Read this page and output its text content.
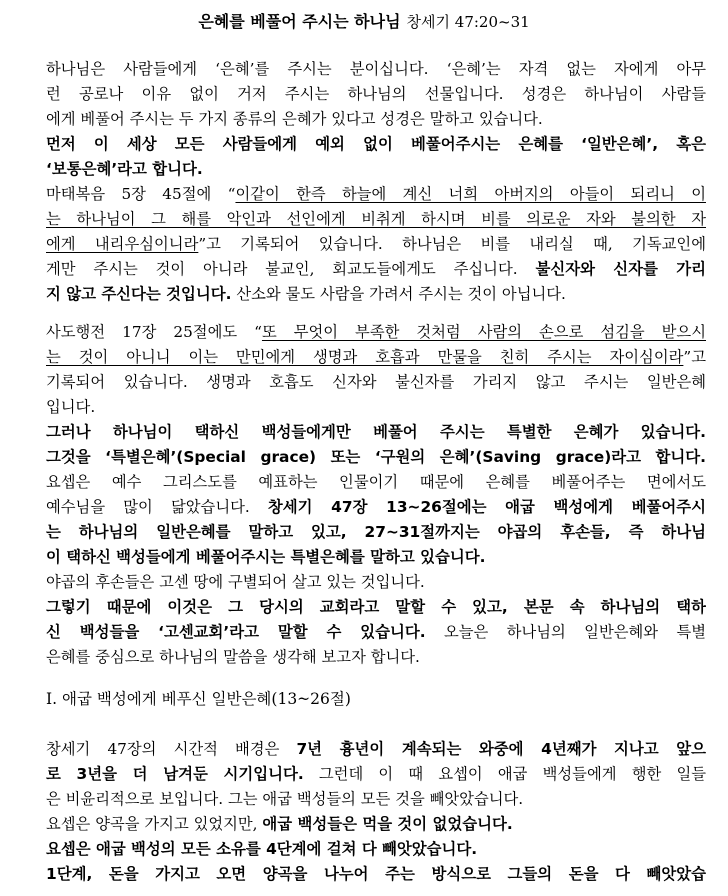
은혜를 베풀어 주시는 하나님 창세기 47:20~31
하나님은 사람들에게 ‘은혜’를 주시는 분이십니다. ‘은혜’는 자격 없는 자에게 아무
런 공로나 이유 없이 거저 주시는 하나님의 선물입니다. 성경은 하나님이 사람들
에게 베풀어 주시는 두 가지 종류의 은혜가 있다고 성경은 말하고 있습니다.
먼저 이 세상 모든 사람들에게 예외 없이 베풀어주시는 은혜를 ‘일반은혜’, 혹은
‘보통은혜’라고 합니다.
마태복음 5장 45절에 “이같이 한즉 하늘에 계신 너희 아버지의 아들이 되리니 이
는 하나님이 그 해를 악인과 선인에게 비취게 하시며 비를 의로운 자와 불의한 자
에게 내리우심이니라”고 기록되어 있습니다. 하나님은 비를 내리실 때, 기독교인에
게만 주시는 것이 아니라 불교인, 회교도들에게도 주십니다. 불신자와 신자를 가리
지 않고 주신다는 것입니다. 산소와 물도 사람을 가려서 주시는 것이 아닙니다.
사도행전 17장 25절에도 “또 무엇이 부족한 것처럼 사람의 손으로 섬김을 받으시
는 것이 아니니 이는 만민에게 생명과 호흡과 만물을 친히 주시는 자이심이라”고
기록되어 있습니다. 생명과 호흡도 신자와 불신자를 가리지 않고 주시는 일반은혜
입니다.
그러나 하나님이 택하신 백성들에게만 베풀어 주시는 특별한 은혜가 있습니다.
그것을 ‘특별은혜’(Special grace) 또는 ‘구원의 은혜’(Saving grace)라고 합니다.
요셉은 예수 그리스도를 예표하는 인물이기 때문에 은혜를 베풀어주는 면에서도
예수님을 많이 닮았습니다. 창세기 47장 13~26절에는 애굽 백성에게 베풀어주시
는 하나님의 일반은혜를 말하고 있고, 27~31절까지는 야곱의 후손들, 즉 하나님
이 택하신 백성들에게 베풀어주시는 특별은혜를 말하고 있습니다.
야곱의 후손들은 고센 땅에 구별되어 살고 있는 것입니다.
그렇기 때문에 이것은 그 당시의 교회라고 말할 수 있고, 본문 속 하나님의 택하
신 백성들을 ‘고센교회’라고 말할 수 있습니다. 오늘은 하나님의 일반은혜와 특별
은혜를 중심으로 하나님의 말씀을 생각해 보고자 합니다.
I. 애굽 백성에게 베푸신 일반은혜(13~26절)
창세기 47장의 시간적 배경은 7년 흉년이 계속되는 와중에 4년째가 지나고 앞으
로 3년을 더 남겨둔 시기입니다. 그런데 이 때 요셉이 애굽 백성들에게 행한 일들
은 비윤리적으로 보입니다. 그는 애굽 백성들의 모든 것을 빼앗았습니다.
요셉은 양곡을 가지고 있었지만, 애굽 백성들은 먹을 것이 없었습니다.
요셉은 애굽 백성의 모든 소유를 4단계에 걸쳐 다 빼앗았습니다.
1단계, 돈을 가지고 오면 양곡을 나누어 주는 방식으로 그들의 돈을 다 빼앗았습
